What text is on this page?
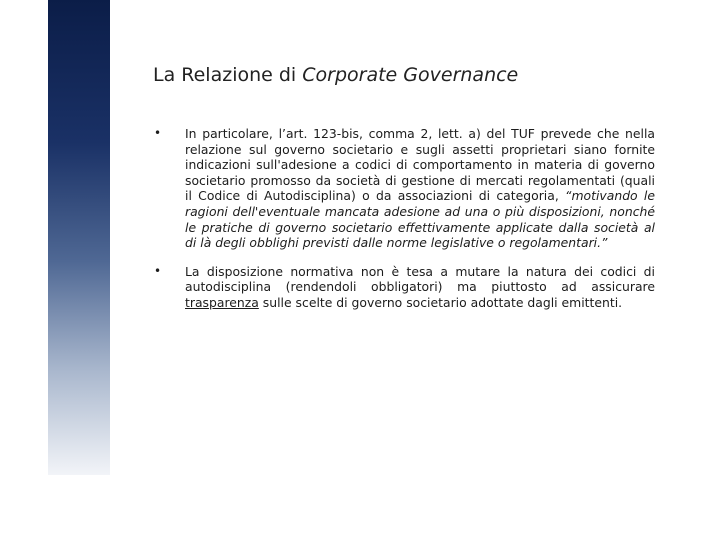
GIANNI, ORIGONI, GRIPPO & PARTNERS La Relazione di Corporate Governance
• In particolare, l’art. 123-bis, comma 2, lett. a) del TUF prevede che nella relazione sul governo societario e sugli assetti proprietari siano fornite indicazioni sull'adesione a codici di comportamento in materia di governo societario promosso da società di gestione di mercati regolamentati (quali il Codice di Autodisciplina) o da associazioni di categoria, “motivando le ragioni dell'eventuale mancata adesione ad una o più disposizioni, nonché le pratiche di governo societario effettivamente applicate dalla società al di là degli obblighi previsti dalle norme legislative o regolamentari.”
• La disposizione normativa non è tesa a mutare la natura dei codici di autodisciplina (rendendoli obbligatori) ma piuttosto ad assicurare trasparenza sulle scelte di governo societario adottate dagli emittenti.
